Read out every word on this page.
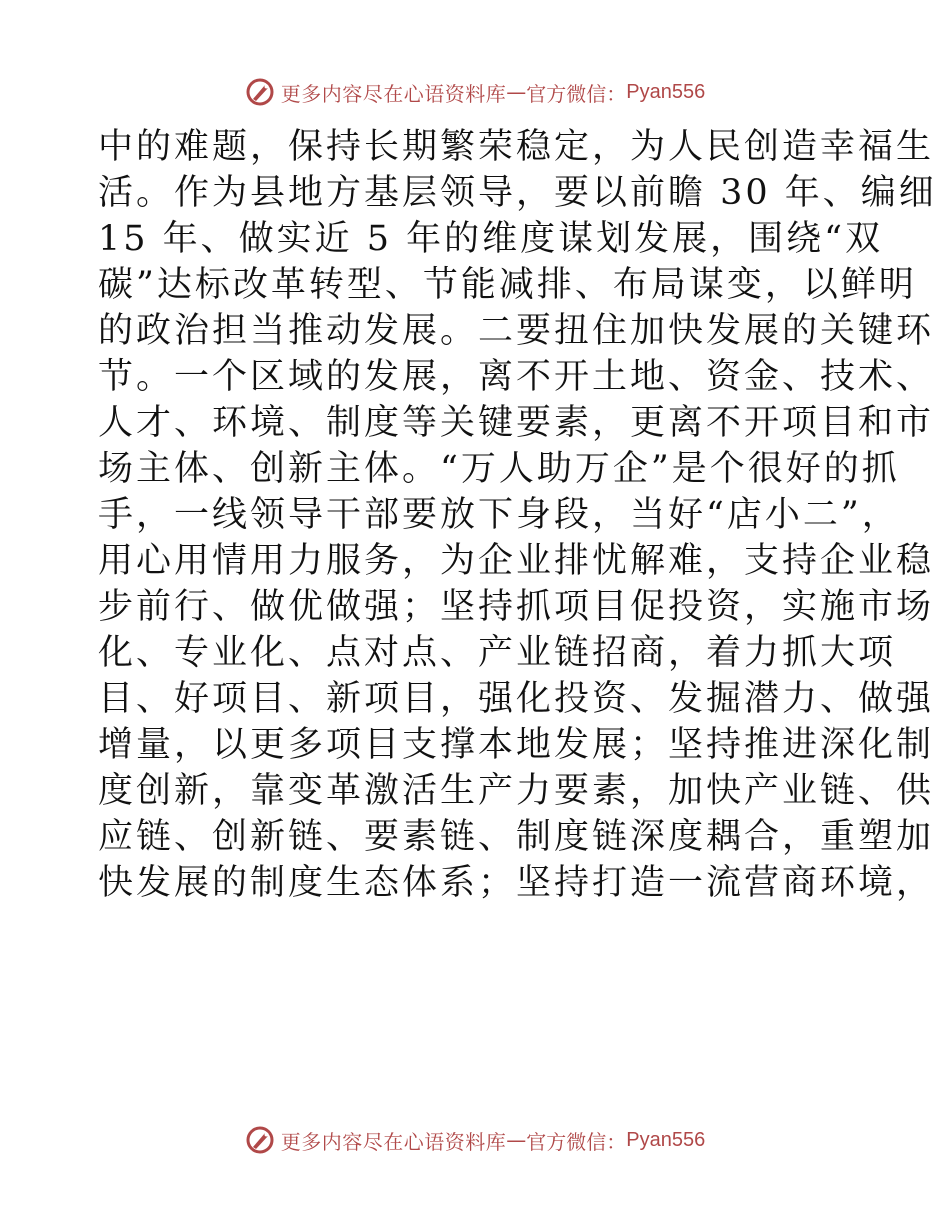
更多内容尽在心语资料库 — 官方微信： Pyan556
中的难题，保持长期繁荣稳定，为人民创造幸福生
活。作为县地方基层领导，要以前瞻 30 年、编细
15 年、做实近 5 年的维度谋划发展，围绕“双
碳”达标改革转型、节能减排、布局谋变，以鲜明
的政治担当推动发展。二要扭住加快发展的关键环
节。一个区域的发展，离不开土地、资金、技术、
人才、环境、制度等关键要素，更离不开项目和市
场主体、创新主体。“万人助万企”是个很好的抓
手，一线领导干部要放下身段，当好“店小二”，
用心用情用力服务，为企业排忧解难，支持企业稳
步前行、做优做强；坚持抓项目促投资，实施市场
化、专业化、点对点、产业链招商，着力抓大项
目、好项目、新项目，强化投资、发掘潜力、做强
增量，以更多项目支撑本地发展；坚持推进深化制
度创新，靠变革激活生产力要素，加快产业链、供
应链、创新链、要素链、制度链深度耦合，重塑加
快发展的制度生态体系；坚持打造一流营商环境，
更多内容尽在心语资料库 — 官方微信： Pyan556
